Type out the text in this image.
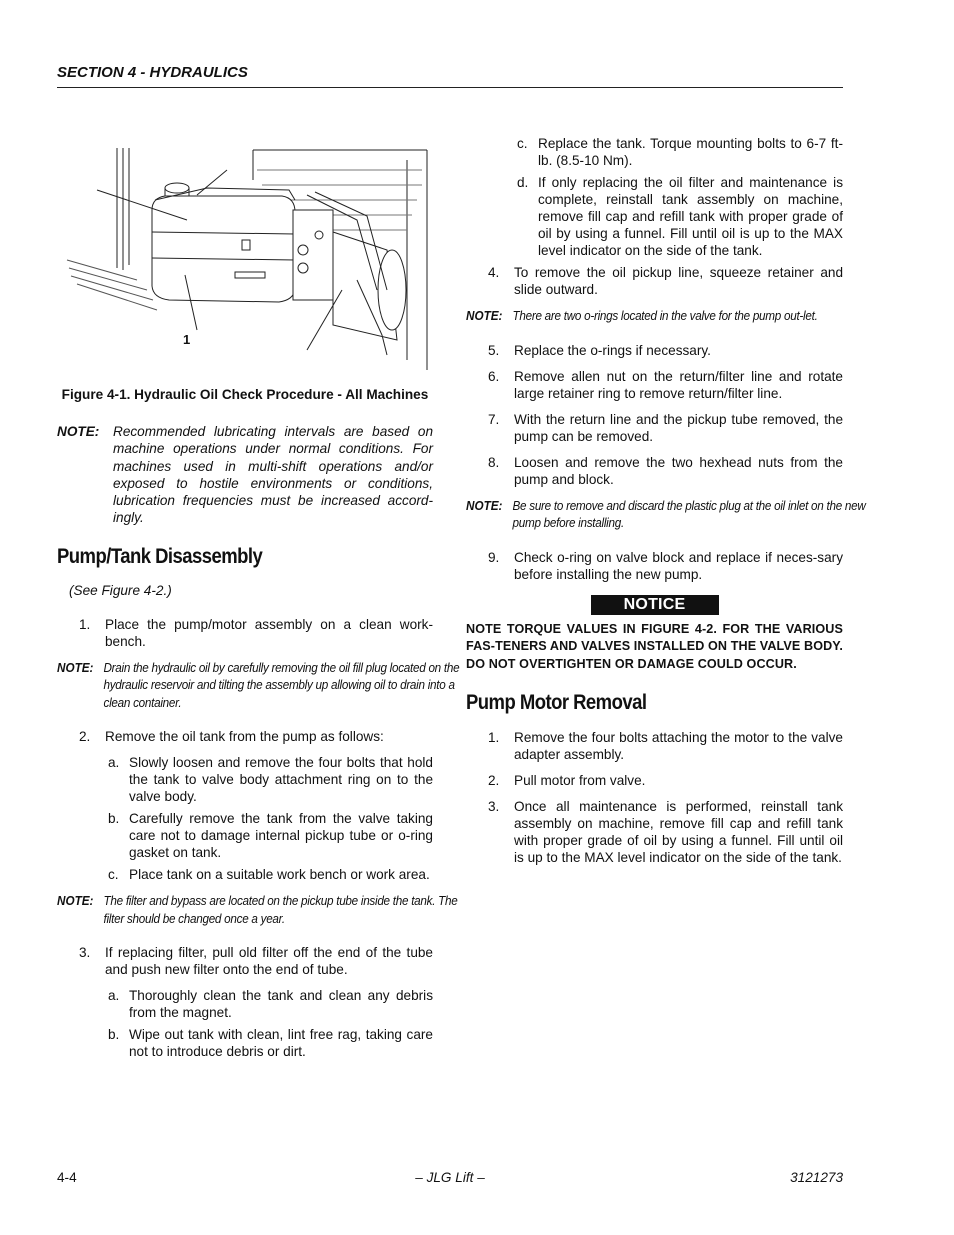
SECTION 4 - HYDRAULICS
1
Figure 4-1. Hydraulic Oil Check Procedure - All Machines
NOTE: Recommended lubricating intervals are based on machine operations under normal conditions. For machines used in multi-shift operations and/or exposed to hostile environments or conditions, lubrication frequencies must be increased accord-ingly.
Pump/Tank Disassembly
(See Figure 4-2.)
1. Place the pump/motor assembly on a clean work-bench.
NOTE: Drain the hydraulic oil by carefully removing the oil fill plug located on the hydraulic reservoir and tilting the assembly up allowing oil to drain into a clean container.
2. Remove the oil tank from the pump as follows:
a. Slowly loosen and remove the four bolts that hold the tank to valve body attachment ring on to the valve body.
b. Carefully remove the tank from the valve taking care not to damage internal pickup tube or o-ring gasket on tank.
c. Place tank on a suitable work bench or work area.
NOTE: The filter and bypass are located on the pickup tube inside the tank. The filter should be changed once a year.
3. If replacing filter, pull old filter off the end of the tube and push new filter onto the end of tube.
a. Thoroughly clean the tank and clean any debris from the magnet.
b. Wipe out tank with clean, lint free rag, taking care not to introduce debris or dirt.
c. Replace the tank. Torque mounting bolts to 6-7 ft-lb. (8.5-10 Nm).
d. If only replacing the oil filter and maintenance is complete, reinstall tank assembly on machine, remove fill cap and refill tank with proper grade of oil by using a funnel. Fill until oil is up to the MAX level indicator on the side of the tank.
4. To remove the oil pickup line, squeeze retainer and slide outward.
NOTE: There are two o-rings located in the valve for the pump out-let.
5. Replace the o-rings if necessary.
6. Remove allen nut on the return/filter line and rotate large retainer ring to remove return/filter line.
7. With the return line and the pickup tube removed, the pump can be removed.
8. Loosen and remove the two hexhead nuts from the pump and block.
NOTE: Be sure to remove and discard the plastic plug at the oil inlet on the new pump before installing.
9. Check o-ring on valve block and replace if neces-sary before installing the new pump.
NOTICE
NOTE TORQUE VALUES IN FIGURE 4-2. FOR THE VARIOUS FAS-TENERS AND VALVES INSTALLED ON THE VALVE BODY. DO NOT OVERTIGHTEN OR DAMAGE COULD OCCUR.
Pump Motor Removal
1. Remove the four bolts attaching the motor to the valve adapter assembly.
2. Pull motor from valve.
3. Once all maintenance is performed, reinstall tank assembly on machine, remove fill cap and refill tank with proper grade of oil by using a funnel. Fill until oil is up to the MAX level indicator on the side of the tank.
4-4	– JLG Lift –	3121273
